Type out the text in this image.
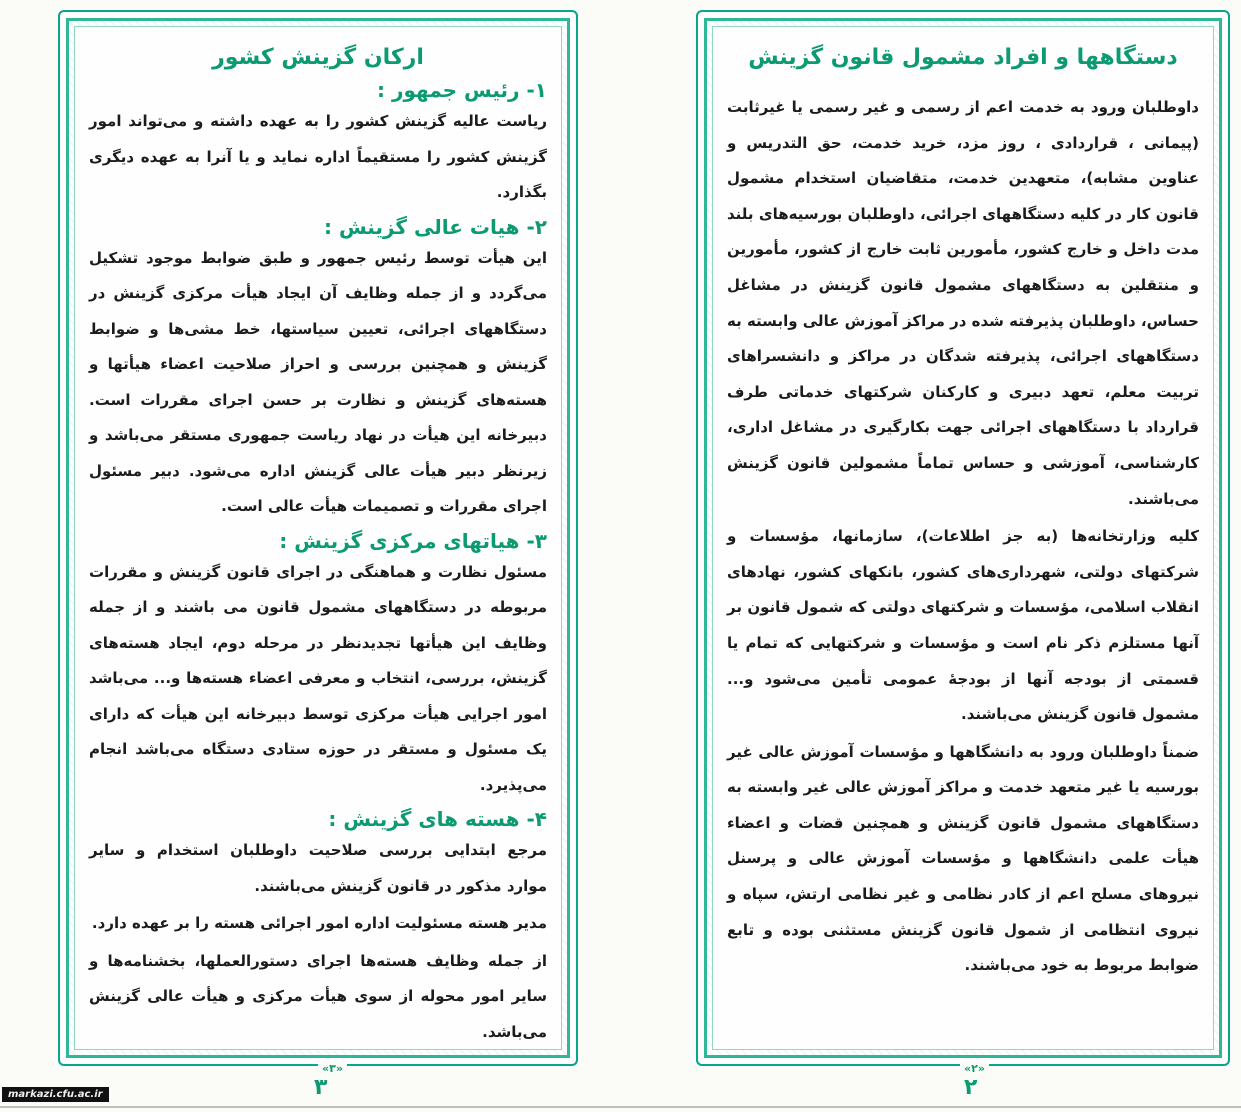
ارکان گزینش کشور
۱- رئیس جمهور :

ریاست عالیه گزینش کشور را به عهده داشته و می‌تواند امور گزینش کشور را مستقیماً اداره نماید و یا آنرا به عهده دیگری بگذارد.

۲- هیات عالی گزینش :

این هیأت توسط رئیس جمهور و طبق ضوابط موجود تشکیل می‌گردد و از جمله وظایف آن ایجاد هیأت مرکزی گزینش در دستگاههای اجرائی، تعیین سیاستها، خط مشی‌ها و ضوابط گزینش و همچنین بررسی و احراز صلاحیت اعضاء هیأتها و هسته‌های گزینش و نظارت بر حسن اجرای مقررات است. دبیرخانه این هیأت در نهاد ریاست جمهوری مستقر می‌باشد و زیرنظر دبیر هیأت عالی گزینش اداره می‌شود. دبیر مسئول اجرای مقررات و تصمیمات هیأت عالی است.

۳- هیاتهای مرکزی گزینش :

مسئول نظارت و هماهنگی در اجرای قانون گزینش و مقررات مربوطه در دستگاههای مشمول قانون می باشند و از جمله وظایف این هیأتها تجدیدنظر در مرحله دوم، ایجاد هسته‌های گزینش، بررسی، انتخاب و معرفی اعضاء هسته‌ها و... می‌باشد امور اجرایی هیأت مرکزی توسط دبیرخانه این هیأت که دارای یک مسئول و مستقر در حوزه ستادی دستگاه می‌باشد انجام می‌پذیرد.

۴- هسته های گزینش :

مرجع ابتدایی بررسی صلاحیت داوطلبان استخدام و سایر موارد مذکور در قانون گزینش می‌باشند.

مدیر هسته مسئولیت اداره امور اجرائی هسته را بر عهده دارد.

از جمله وظایف هسته‌ها اجرای دستورالعملها، بخشنامه‌ها و سایر امور محوله از سوی هیأت مرکزی و هیأت عالی گزینش می‌باشد.

«۳»
۳
دستگاهها و افراد مشمول قانون گزینش

داوطلبان ورود به خدمت اعم از رسمی و غیر رسمی یا غیرثابت (پیمانی ، قراردادی ، روز مزد، خرید خدمت، حق التدریس و عناوین مشابه)، متعهدین خدمت، متقاضیان استخدام مشمول قانون کار در کلیه دستگاههای اجرائی، داوطلبان بورسیه‌های بلند مدت داخل و خارج کشور، مأمورین ثابت خارج از کشور، مأمورین و منتقلین به دستگاههای مشمول قانون گزینش در مشاغل حساس، داوطلبان پذیرفته شده در مراکز آموزش عالی وابسته به دستگاههای اجرائی، پذیرفته شدگان در مراکز و دانشسراهای تربیت معلم، تعهد دبیری و کارکنان شرکتهای خدماتی طرف قرارداد با دستگاههای اجرائی جهت بکارگیری در مشاغل اداری، کارشناسی، آموزشی و حساس تماماً مشمولین قانون گزینش می‌باشند.

کلیه وزارتخانه‌ها (به جز اطلاعات)، سازمانها، مؤسسات و شرکتهای دولتی، شهرداری‌های کشور، بانکهای کشور، نهادهای انقلاب اسلامی، مؤسسات و شرکتهای دولتی که شمول قانون بر آنها مستلزم ذکر نام است و مؤسسات و شرکتهایی که تمام یا قسمتی از بودجه آنها از بودجهٔ عمومی تأمین می‌شود و... مشمول قانون گزینش می‌باشند.

ضمناً داوطلبان ورود به دانشگاهها و مؤسسات آموزش عالی غیر بورسیه یا غیر متعهد خدمت و مراکز آموزش عالی غیر وابسته به دستگاههای مشمول قانون گزینش و همچنین قضات و اعضاء هیأت علمی دانشگاهها و مؤسسات آموزش عالی و پرسنل نیروهای مسلح اعم از کادر نظامی و غیر نظامی ارتش، سپاه و نیروی انتظامی از شمول قانون گزینش مستثنی بوده و تابع ضوابط مربوط به خود می‌باشند.

«۲»
۲
markazi.cfu.ac.ir
